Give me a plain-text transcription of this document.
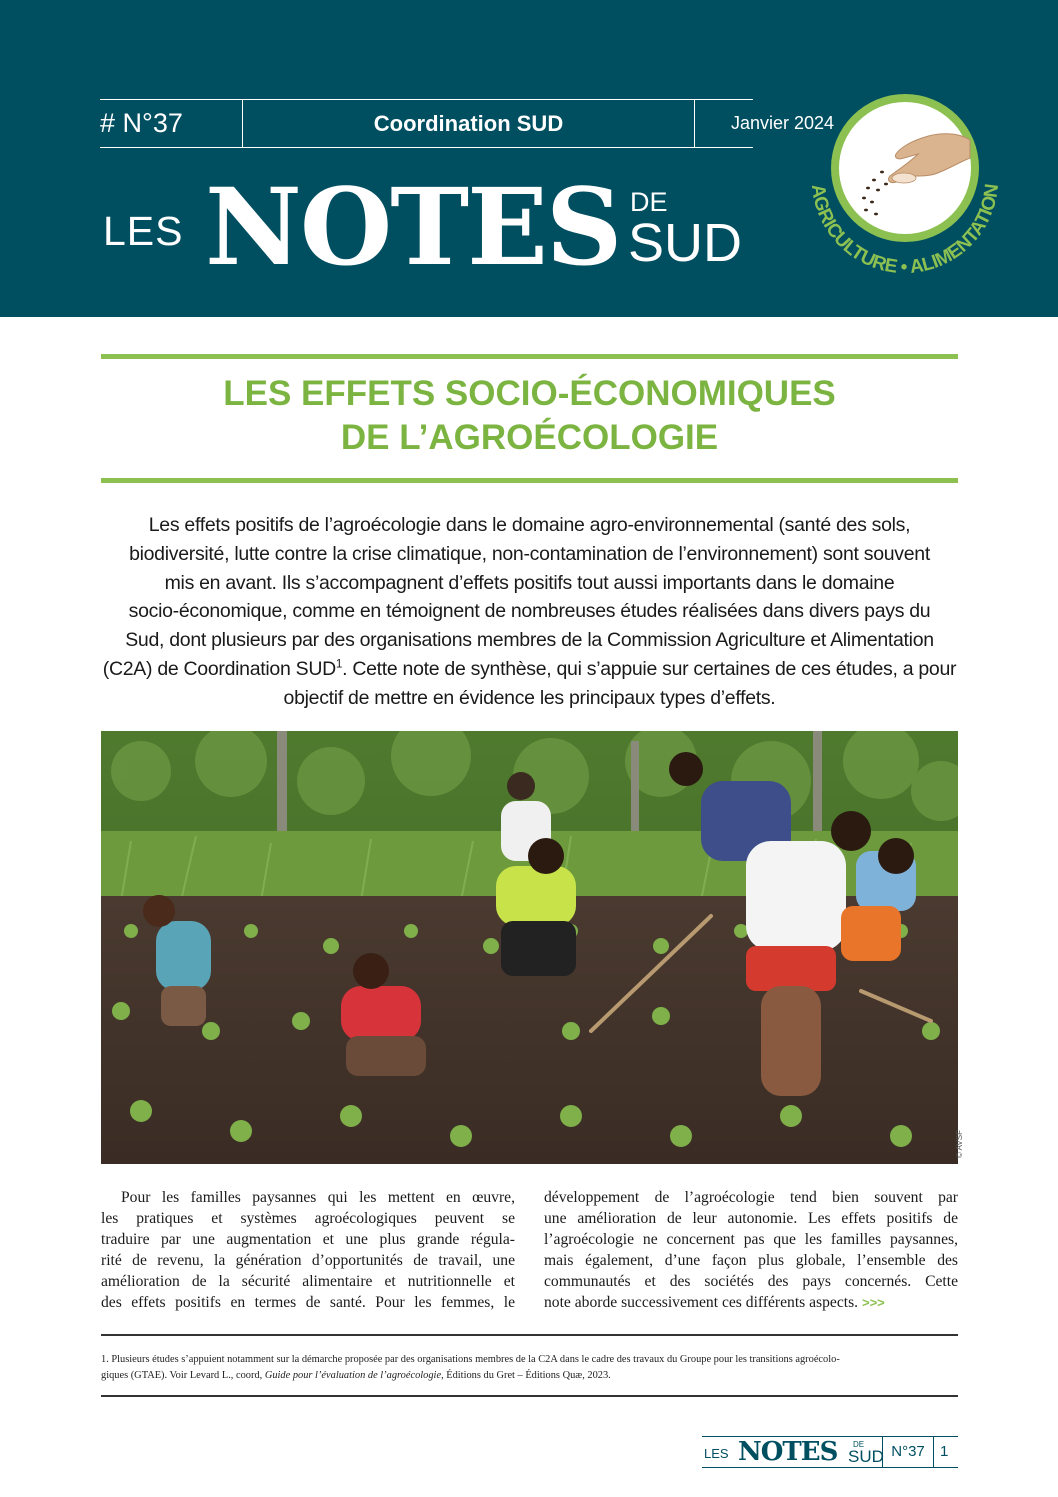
# N°37	Coordination SUD	Janvier 2024
LES NOTES DE
SUD
AGRICULTURE • ALIMENTATION
LES EFFETS SOCIO-ÉCONOMIQUES
DE L’AGROÉCOLOGIE

Les effets positifs de l’agroécologie dans le domaine agro-environnemental (santé des sols,

biodiversité, lutte contre la crise climatique, non-contamination de l’environnement) sont souvent

mis en avant. Ils s’accompagnent d’effets positifs tout aussi importants dans le domaine

socio-économique, comme en témoignent de nombreuses études réalisées dans divers pays du

Sud, dont plusieurs par des organisations membres de la Commission Agriculture et Alimentation

(C2A) de Coordination SUD$^1$. Cette note de synthèse, qui s’appuie sur certaines de ces études, a pour

objectif de mettre en évidence les principaux types d’effets.

© AVSF
Pour les familles paysannes qui les mettent en œuvre,
les pratiques et systèmes agroécologiques peuvent se
traduire par une augmentation et une plus grande régula-
rité de revenu, la génération d’opportunités de travail, une
amélioration de la sécurité alimentaire et nutritionnelle et
des effets positifs en termes de santé. Pour les femmes, le
développement de l’agroécologie tend bien souvent par
une amélioration de leur autonomie. Les effets positifs de
l’agroécologie ne concernent pas que les familles paysannes,
mais également, d’une façon plus globale, l’ensemble des
communautés et des sociétés des pays concernés. Cette
note aborde successivement ces différents aspects. >>>
1. Plusieurs études s’appuient notamment sur la démarche proposée par des organisations membres de la C2A dans le cadre des travaux du Groupe pour les transitions agroécolo-
giques (GTAE). Voir Levard L., coord, Guide pour l’évaluation de l’agroécologie, Éditions du Gret – Éditions Quæ, 2023.
LES NOTES DE
SUD N°37	1
